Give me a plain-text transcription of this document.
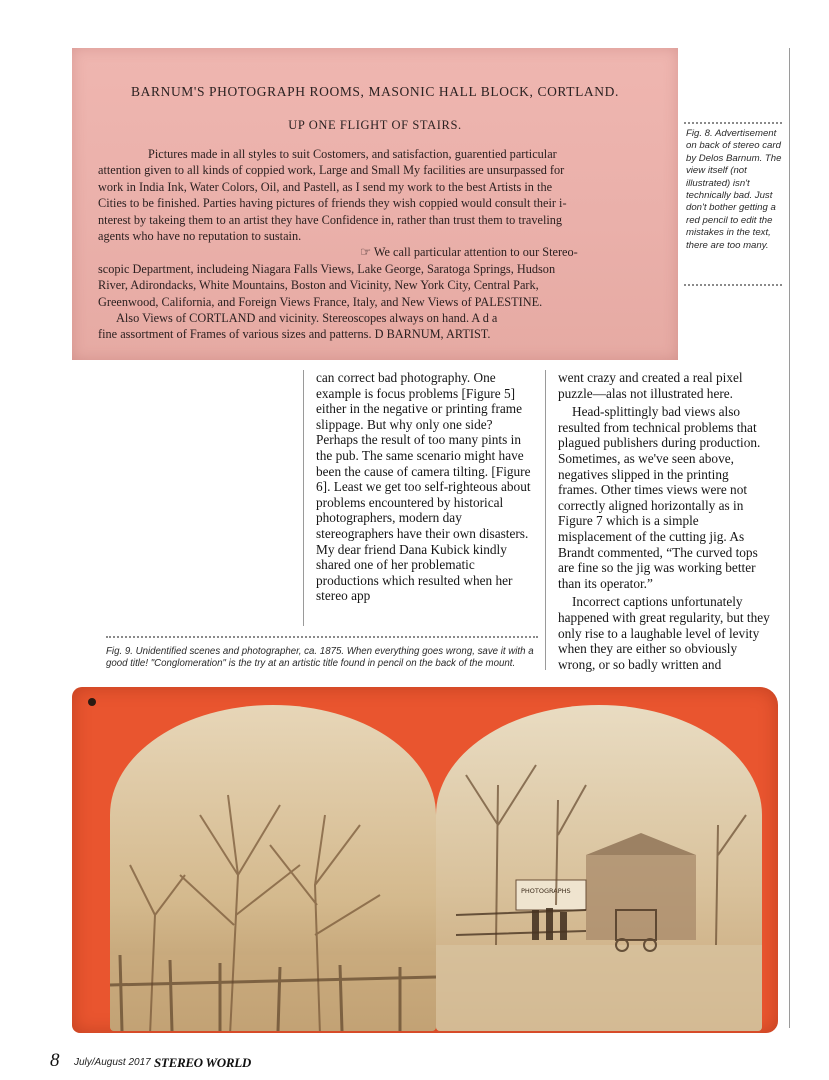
BARNUM'S PHOTOGRAPH ROOMS, MASONIC HALL BLOCK, CORTLAND.
UP ONE FLIGHT OF STAIRS.
Pictures made in all styles to suit Costomers, and satisfaction, guarentied particular
attention given to all kinds of coppied work, Large and Small My facilities are unsurpassed for
work in India Ink, Water Colors, Oil, and Pastell, as I send my work to the best Artists in the
Cities to be finished. Parties having pictures of friends they wish coppied would consult their i-
nterest by takeing them to an artist they have Confidence in, rather than trust them to traveling
agents who have no reputation to sustain.
☞ We call particular attention to our Stereo-
scopic Department, includeing Niagara Falls Views, Lake George, Saratoga Springs, Hudson
River, Adirondacks, White Mountains, Boston and Vicinity, New York City, Central Park,
Greenwood, California, and Foreign Views France, Italy, and New Views of PALESTINE.
Also Views of CORTLAND and vicinity. Stereoscopes always on hand. A d a
fine assortment of Frames of various sizes and patterns. D BARNUM, ARTIST.
Fig. 8. Advertisement on back of stereo card by Delos Barnum. The view itself (not illustrated) isn't technically bad. Just don't bother getting a red pencil to edit the mistakes in the text, there are too many.

can correct bad photography. One example is focus problems [Figure 5] either in the negative or printing frame slippage. But why only one side? Perhaps the result of too many pints in the pub. The same scenario might have been the cause of camera tilting. [Figure 6]. Least we get too self-righteous about problems encountered by historical photographers, modern day stereographers have their own disasters. My dear friend Dana Kubick kindly shared one of her problematic productions which resulted when her stereo app

went crazy and created a real pixel puzzle—alas not illustrated here.

Head-splittingly bad views also resulted from technical problems that plagued publishers during production. Sometimes, as we've seen above, negatives slipped in the printing frames. Other times views were not correctly aligned horizontally as in Figure 7 which is a simple misplacement of the cutting jig. As Brandt commented, “The curved tops are fine so the jig was working better than its operator.”

Incorrect captions unfortunately happened with great regularity, but they only rise to a laughable level of levity when they are either so obviously wrong, or so badly written and

Fig. 9. Unidentified scenes and photographer, ca. 1875. When everything goes wrong, save it with a good title! "Conglomeration" is the try at an artistic title found in pencil on the back of the mount.
PHOTOGRAPHS
8 July/August 2017 STEREO WORLD
